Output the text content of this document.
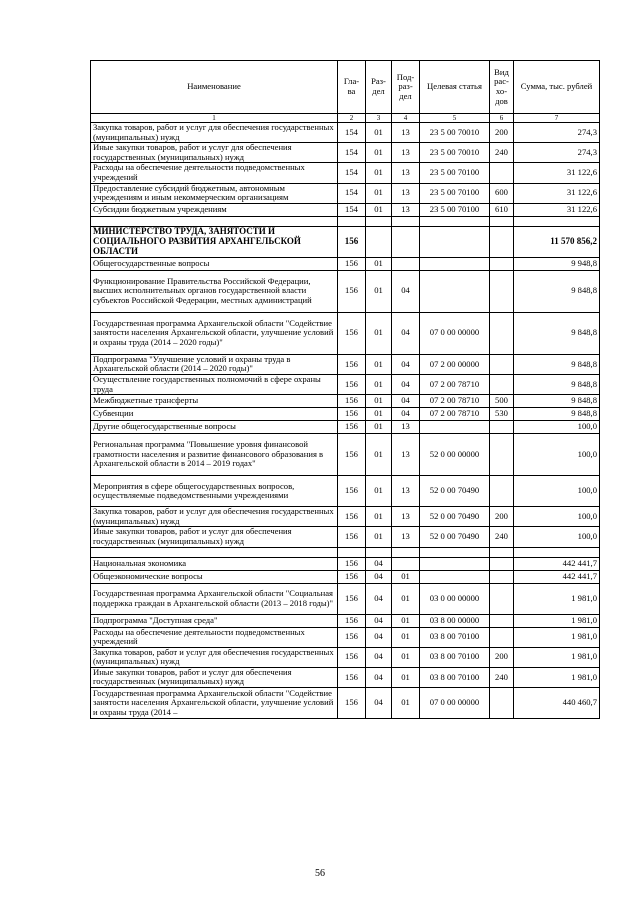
Наименование	Гла-ва	Раз-дел	Под-раз-дел	Целевая статья	Вид рас-хо-дов	Сумма, тыс. рублей
1	2	3	4	5	6	7
Закупка товаров, работ и услуг для обеспечения государственных (муниципальных) нужд	154	01	13	23 5 00 70010	200	274,3
Иные закупки товаров, работ и услуг для обеспечения государственных (муниципальных) нужд	154	01	13	23 5 00 70010	240	274,3
Расходы на обеспечение деятельности подведомственных учреждений	154	01	13	23 5 00 70100		31 122,6
Предоставление субсидий бюджетным, автономным учреждениям и иным некоммерческим организациям	154	01	13	23 5 00 70100	600	31 122,6
Субсидии бюджетным учреждениям	154	01	13	23 5 00 70100	610	31 122,6

МИНИСТЕРСТВО ТРУДА, ЗАНЯТОСТИ И СОЦИАЛЬНОГО РАЗВИТИЯ АРХАНГЕЛЬСКОЙ ОБЛАСТИ	156					11 570 856,2
Общегосударственные вопросы	156	01				9 948,8
Функционирование Правительства Российской Федерации, высших исполнительных органов государственной власти субъектов Российской Федерации, местных администраций	156	01	04			9 848,8
Государственная программа Архангельской области "Содействие занятости населения Архангельской области, улучшение условий и охраны труда (2014 – 2020 годы)"	156	01	04	07 0 00 00000		9 848,8
Подпрограмма "Улучшение условий и охраны труда в Архангельской области (2014 – 2020 годы)"	156	01	04	07 2 00 00000		9 848,8
Осуществление государственных полномочий в сфере охраны труда	156	01	04	07 2 00 78710		9 848,8
Межбюджетные трансферты	156	01	04	07 2 00 78710	500	9 848,8
Субвенции	156	01	04	07 2 00 78710	530	9 848,8
Другие общегосударственные вопросы	156	01	13			100,0
Региональная программа "Повышение уровня финансовой грамотности населения и развитие финансового образования в Архангельской области в 2014 – 2019 годах"	156	01	13	52 0 00 00000		100,0
Мероприятия в сфере общегосударственных вопросов, осуществляемые подведомственными учреждениями	156	01	13	52 0 00 70490		100,0
Закупка товаров, работ и услуг для обеспечения государственных (муниципальных) нужд	156	01	13	52 0 00 70490	200	100,0
Иные закупки товаров, работ и услуг для обеспечения государственных (муниципальных) нужд	156	01	13	52 0 00 70490	240	100,0

Национальная экономика	156	04				442 441,7
Общеэкономические вопросы	156	04	01			442 441,7
Государственная программа Архангельской области "Социальная поддержка граждан в Архангельской области (2013 – 2018 годы)"	156	04	01	03 0 00 00000		1 981,0
Подпрограмма "Доступная среда"	156	04	01	03 8 00 00000		1 981,0
Расходы на обеспечение деятельности подведомственных учреждений	156	04	01	03 8 00 70100		1 981,0
Закупка товаров, работ и услуг для обеспечения государственных (муниципальных) нужд	156	04	01	03 8 00 70100	200	1 981,0
Иные закупки товаров, работ и услуг для обеспечения государственных (муниципальных) нужд	156	04	01	03 8 00 70100	240	1 981,0
Государственная программа Архангельской области "Содействие занятости населения Архангельской области, улучшение условий и охраны труда (2014 –	156	04	01	07 0 00 00000		440 460,7
56
